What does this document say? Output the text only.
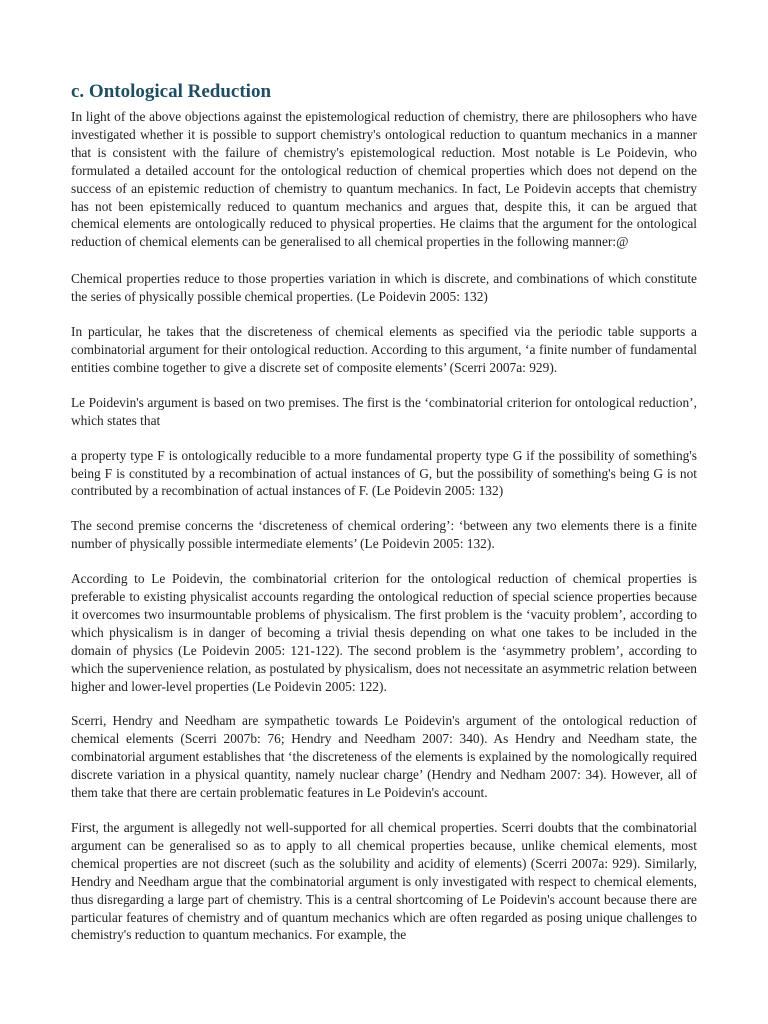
c. Ontological Reduction

In light of the above objections against the epistemological reduction of chemistry, there are philosophers who have investigated whether it is possible to support chemistry's ontological reduction to quantum mechanics in a manner that is consistent with the failure of chemistry's epistemological reduction. Most notable is Le Poidevin, who formulated a detailed account for the ontological reduction of chemical properties which does not depend on the success of an epistemic reduction of chemistry to quantum mechanics. In fact, Le Poidevin accepts that chemistry has not been epistemically reduced to quantum mechanics and argues that, despite this, it can be argued that chemical elements are ontologically reduced to physical properties. He claims that the argument for the ontological reduction of chemical elements can be generalised to all chemical properties in the following manner:@

Chemical properties reduce to those properties variation in which is discrete, and combinations of which constitute the series of physically possible chemical properties. (Le Poidevin 2005: 132)

In particular, he takes that the discreteness of chemical elements as specified via the periodic table supports a combinatorial argument for their ontological reduction. According to this argument, ‘a finite number of fundamental entities combine together to give a discrete set of composite elements’ (Scerri 2007a: 929).

Le Poidevin's argument is based on two premises. The first is the ‘combinatorial criterion for ontological reduction’, which states that

a property type F is ontologically reducible to a more fundamental property type G if the possibility of something's being F is constituted by a recombination of actual instances of G, but the possibility of something's being G is not contributed by a recombination of actual instances of F. (Le Poidevin 2005: 132)

The second premise concerns the ‘discreteness of chemical ordering’: ‘between any two elements there is a finite number of physically possible intermediate elements’ (Le Poidevin 2005: 132).

According to Le Poidevin, the combinatorial criterion for the ontological reduction of chemical properties is preferable to existing physicalist accounts regarding the ontological reduction of special science properties because it overcomes two insurmountable problems of physicalism. The first problem is the ‘vacuity problem’, according to which physicalism is in danger of becoming a trivial thesis depending on what one takes to be included in the domain of physics (Le Poidevin 2005: 121-122). The second problem is the ‘asymmetry problem’, according to which the supervenience relation, as postulated by physicalism, does not necessitate an asymmetric relation between higher and lower-level properties (Le Poidevin 2005: 122).

Scerri, Hendry and Needham are sympathetic towards Le Poidevin's argument of the ontological reduction of chemical elements (Scerri 2007b: 76; Hendry and Needham 2007: 340). As Hendry and Needham state, the combinatorial argument establishes that ‘the discreteness of the elements is explained by the nomologically required discrete variation in a physical quantity, namely nuclear charge’ (Hendry and Nedham 2007: 34). However, all of them take that there are certain problematic features in Le Poidevin's account.

First, the argument is allegedly not well-supported for all chemical properties. Scerri doubts that the combinatorial argument can be generalised so as to apply to all chemical properties because, unlike chemical elements, most chemical properties are not discreet (such as the solubility and acidity of elements) (Scerri 2007a: 929). Similarly, Hendry and Needham argue that the combinatorial argument is only investigated with respect to chemical elements, thus disregarding a large part of chemistry. This is a central shortcoming of Le Poidevin's account because there are particular features of chemistry and of quantum mechanics which are often regarded as posing unique challenges to chemistry's reduction to quantum mechanics. For example, the
